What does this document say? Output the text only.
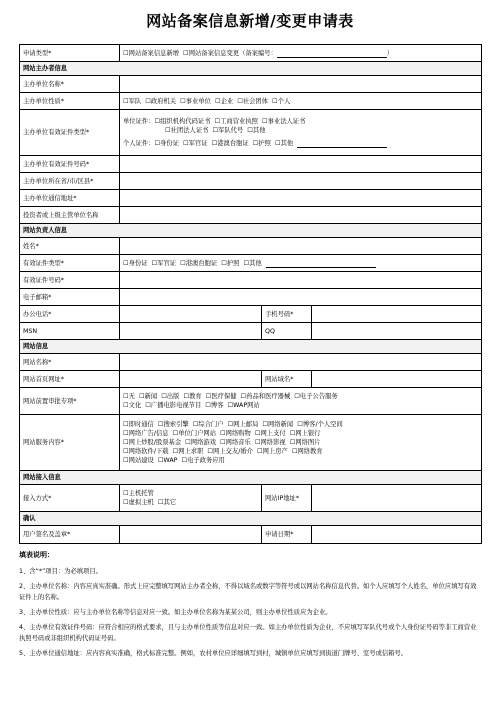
网站备案信息新增/变更申请表
申请类型*	☐网站备案信息新增 ☐网站备案信息变更（备案编号： ）		
网站主办者信息			
主办单位名称*			
主办单位性质*	☐军队 ☐政府机关 ☐事业单位 ☐企业 ☐社会团体 ☐个人		
主办单位有效证件类型*	单位证件：☐组织机构代码证书 ☐工商营业执照 ☐事业法人证书
☐社团法人证书 ☐军队代号 ☐其他
个人证件：☐身份证 ☐军官证 ☐港澳台胞证 ☐护照 ☐其他		

主办单位有效证件号码*			
主办单位所在省/市/区县*			
主办单位通信地址*			
投资者或上级主管单位名称			
网站负责人信息			
姓名*			
有效证件类型*	☐身份证 ☐军官证 ☐港澳台胞证 ☐护照 ☐其他		
有效证件号码*			
电子邮箱*			
办公电话*		手机号码*	
MSN		QQ	
网站信息			
网站名称*			
网站首页网址*		网站域名*	
网站前置审批专项*	☐无 ☐新闻 ☐出版 ☐教育 ☐医疗保健 ☐药品和医疗器械 ☐电子公告服务
☐文化 ☐广播电影电视节目 ☐博客 ☐WAP网站		

网站服务内容*	☐即时通信 ☐搜索引擎 ☐综合门户 ☐网上邮局 ☐网络新闻 ☐博客/个人空间
☐网络广告/信息 ☐单位门户网站 ☐网络购物 ☐网上支付 ☐网上银行
☐网上炒股/股票基金 ☐网络游戏 ☐网络音乐 ☐网络影视 ☐网络图片
☐网络软件/下载 ☐网上求职 ☐网上交友/婚介 ☐网上房产 ☐网络教育
☐网站建设 ☐WAP ☐电子政务应用		

网站接入信息			
接入方式*	☐主机托管
☐虚拟主机 ☐其它	网站IP地址*	
确认			
用户签名及盖章*		申请日期*	
填表说明：

1、含“*”项目：为必填项目。

2、主办单位名称：内容应真实准确。形式上应完整填写网站主办者全称，不得以域名或数字等符号或以网站名称信息代替。如个人应填写个人姓名，单位应填写有效证件上的名称。

3、主办单位性质：应与主办单位名称等信息对应一致。如主办单位名称为某某公司，则主办单位性质应为企业。

4、主办单位有效证件号码：应符合相应的格式要求，且与主办单位性质等信息对应一致。如主办单位性质为企业，不应填写军队代号或个人身份证号码等非工商营业执照号码或非组织机构代码证号码。

5、主办单位通信地址：应内容真实准确，格式标准完整。例如，农村单位应详细填写到村，城镇单位应填写到街道门牌号、室号或信箱号。
